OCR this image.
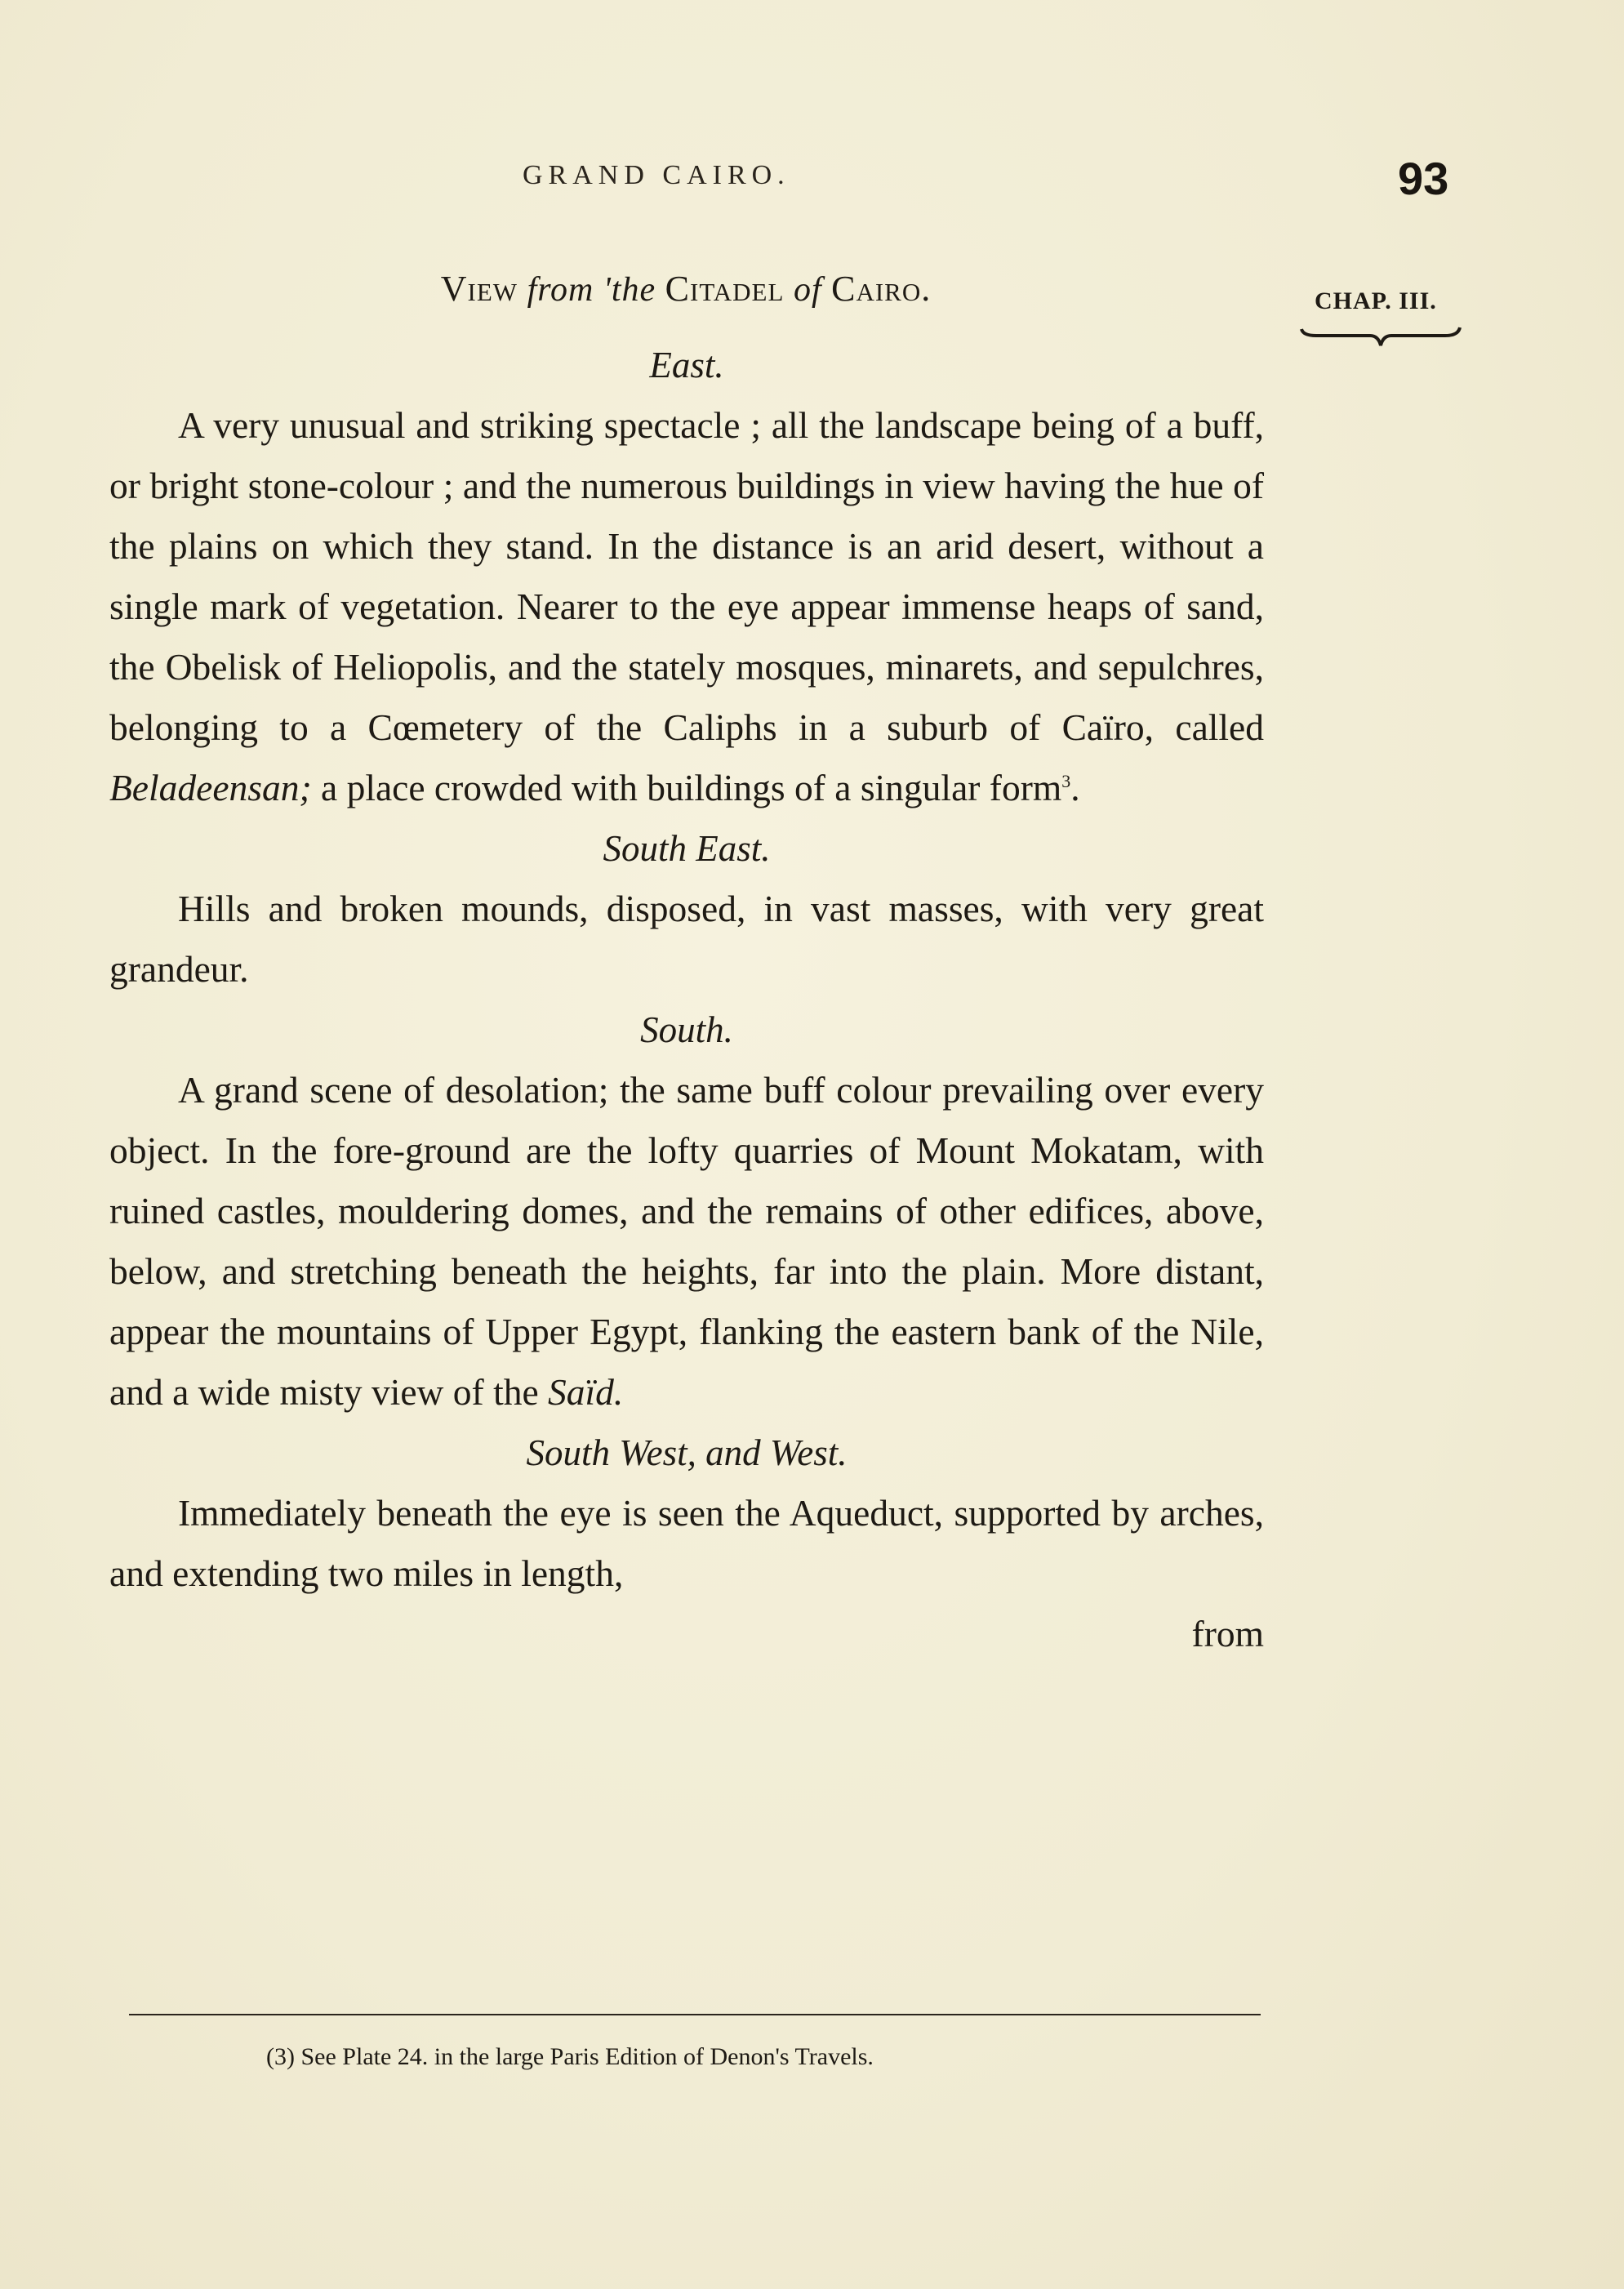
GRAND CAIRO.	93
CHAP. III.
View from 'the Citadel of Cairo.

East.

A very unusual and striking spectacle ; all the landscape being of a buff, or bright stone-colour ; and the numerous buildings in view having the hue of the plains on which they stand. In the distance is an arid desert, without a single mark of vegetation. Nearer to the eye appear immense heaps of sand, the Obelisk of Heliopolis, and the stately mosques, minarets, and sepulchres, belonging to a Cœmetery of the Caliphs in a suburb of Caïro, called Beladeensan; a place crowded with buildings of a singular form$^3$.

South East.

Hills and broken mounds, disposed, in vast masses, with very great grandeur.

South.

A grand scene of desolation; the same buff colour prevailing over every object. In the fore-ground are the lofty quarries of Mount Mokatam, with ruined castles, mouldering domes, and the remains of other edifices, above, below, and stretching beneath the heights, far into the plain. More distant, appear the mountains of Upper Egypt, flanking the eastern bank of the Nile, and a wide misty view of the Saïd.

South West, and West.

Immediately beneath the eye is seen the Aqueduct, supported by arches, and extending two miles in length,

from

(3) See Plate 24. in the large Paris Edition of Denon's Travels.
